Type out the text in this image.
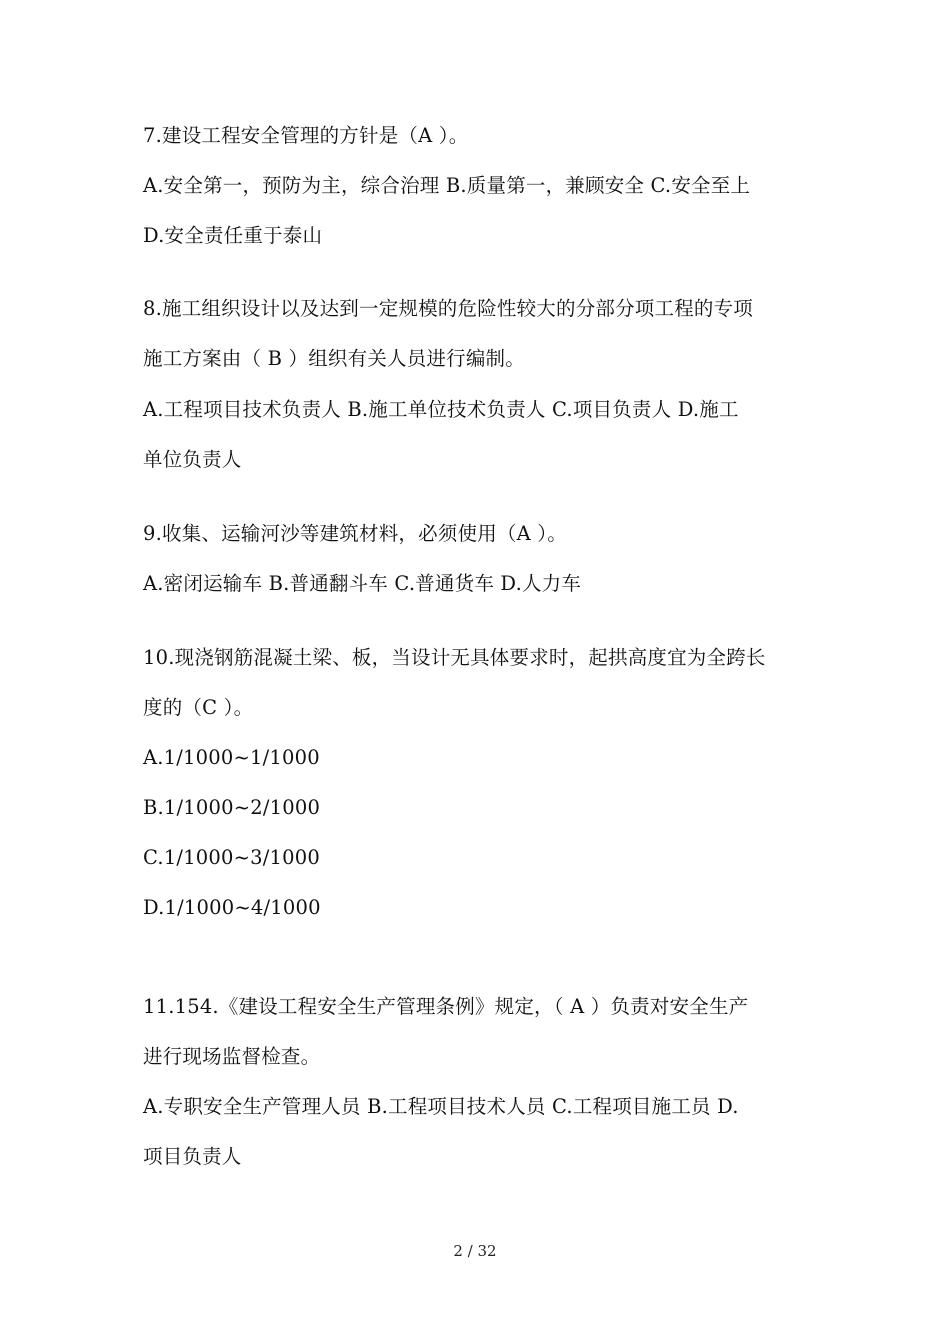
7.建设工程安全管理的方针是（A ）。
A.安全第一，预防为主，综合治理 B.质量第一，兼顾安全 C.安全至上
D.安全责任重于泰山
8.施工组织设计以及达到一定规模的危险性较大的分部分项工程的专项
施工方案由（ B ）组织有关人员进行编制。
A.工程项目技术负责人 B.施工单位技术负责人 C.项目负责人 D.施工
单位负责人
9.收集、运输河沙等建筑材料，必须使用（A ）。
A.密闭运输车 B.普通翻斗车 C.普通货车 D.人力车
10.现浇钢筋混凝土梁、板，当设计无具体要求时，起拱高度宜为全跨长
度的（C ）。
A.1/1000~1/1000
B.1/1000~2/1000
C.1/1000~3/1000
D.1/1000~4/1000
11.154.《建设工程安全生产管理条例》规定，（ A ）负责对安全生产
进行现场监督检查。
A.专职安全生产管理人员 B.工程项目技术人员 C.工程项目施工员 D.
项目负责人
2 / 32
